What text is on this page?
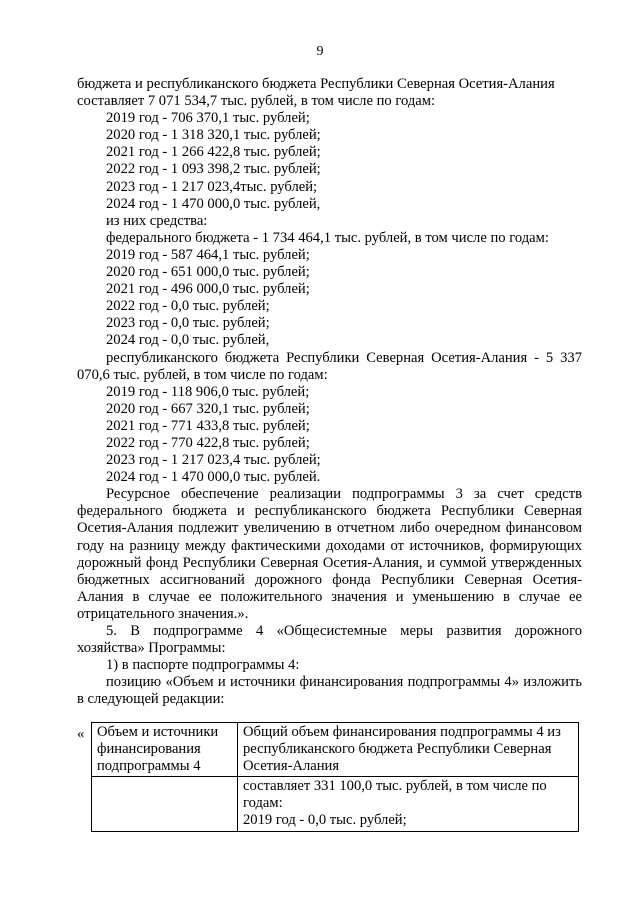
9
бюджета и республиканского бюджета Республики Северная Осетия-Алания
составляет 7 071 534,7 тыс. рублей, в том числе по годам:
2019 год - 706 370,1 тыс. рублей;
2020 год - 1 318 320,1 тыс. рублей;
2021 год - 1 266 422,8 тыс. рублей;
2022 год - 1 093 398,2 тыс. рублей;
2023 год - 1 217 023,4тыс. рублей;
2024 год - 1 470 000,0 тыс. рублей,
из них средства:
федерального бюджета - 1 734 464,1 тыс. рублей, в том числе по годам:
2019 год - 587 464,1 тыс. рублей;
2020 год - 651 000,0 тыс. рублей;
2021 год - 496 000,0 тыс. рублей;
2022 год - 0,0 тыс. рублей;
2023 год - 0,0 тыс. рублей;
2024 год - 0,0 тыс. рублей,
республиканского бюджета Республики Северная Осетия-Алания - 5 337 070,6 тыс. рублей, в том числе по годам:
2019 год - 118 906,0 тыс. рублей;
2020 год - 667 320,1 тыс. рублей;
2021 год - 771 433,8 тыс. рублей;
2022 год - 770 422,8 тыс. рублей;
2023 год - 1 217 023,4 тыс. рублей;
2024 год - 1 470 000,0 тыс. рублей.
Ресурсное обеспечение реализации подпрограммы 3 за счет средств федерального бюджета и республиканского бюджета Республики Северная Осетия-Алания подлежит увеличению в отчетном либо очередном финансовом году на разницу между фактическими доходами от источников, формирующих дорожный фонд Республики Северная Осетия-Алания, и суммой утвержденных бюджетных ассигнований дорожного фонда Республики Северная Осетия-Алания в случае ее положительного значения и уменьшению в случае ее отрицательного значения.».
5. В подпрограмме 4 «Общесистемные меры развития дорожного хозяйства» Программы:
1) в паспорте подпрограммы 4:
позицию «Объем и источники финансирования подпрограммы 4» изложить в следующей редакции:
« Объем и источники финансирования подпрограммы 4	Общий объем финансирования подпрограммы 4 из республиканского бюджета Республики Северная Осетия-Алания

	составляет 331 100,0 тыс. рублей, в том числе по годам:
2019 год - 0,0 тыс. рублей;
